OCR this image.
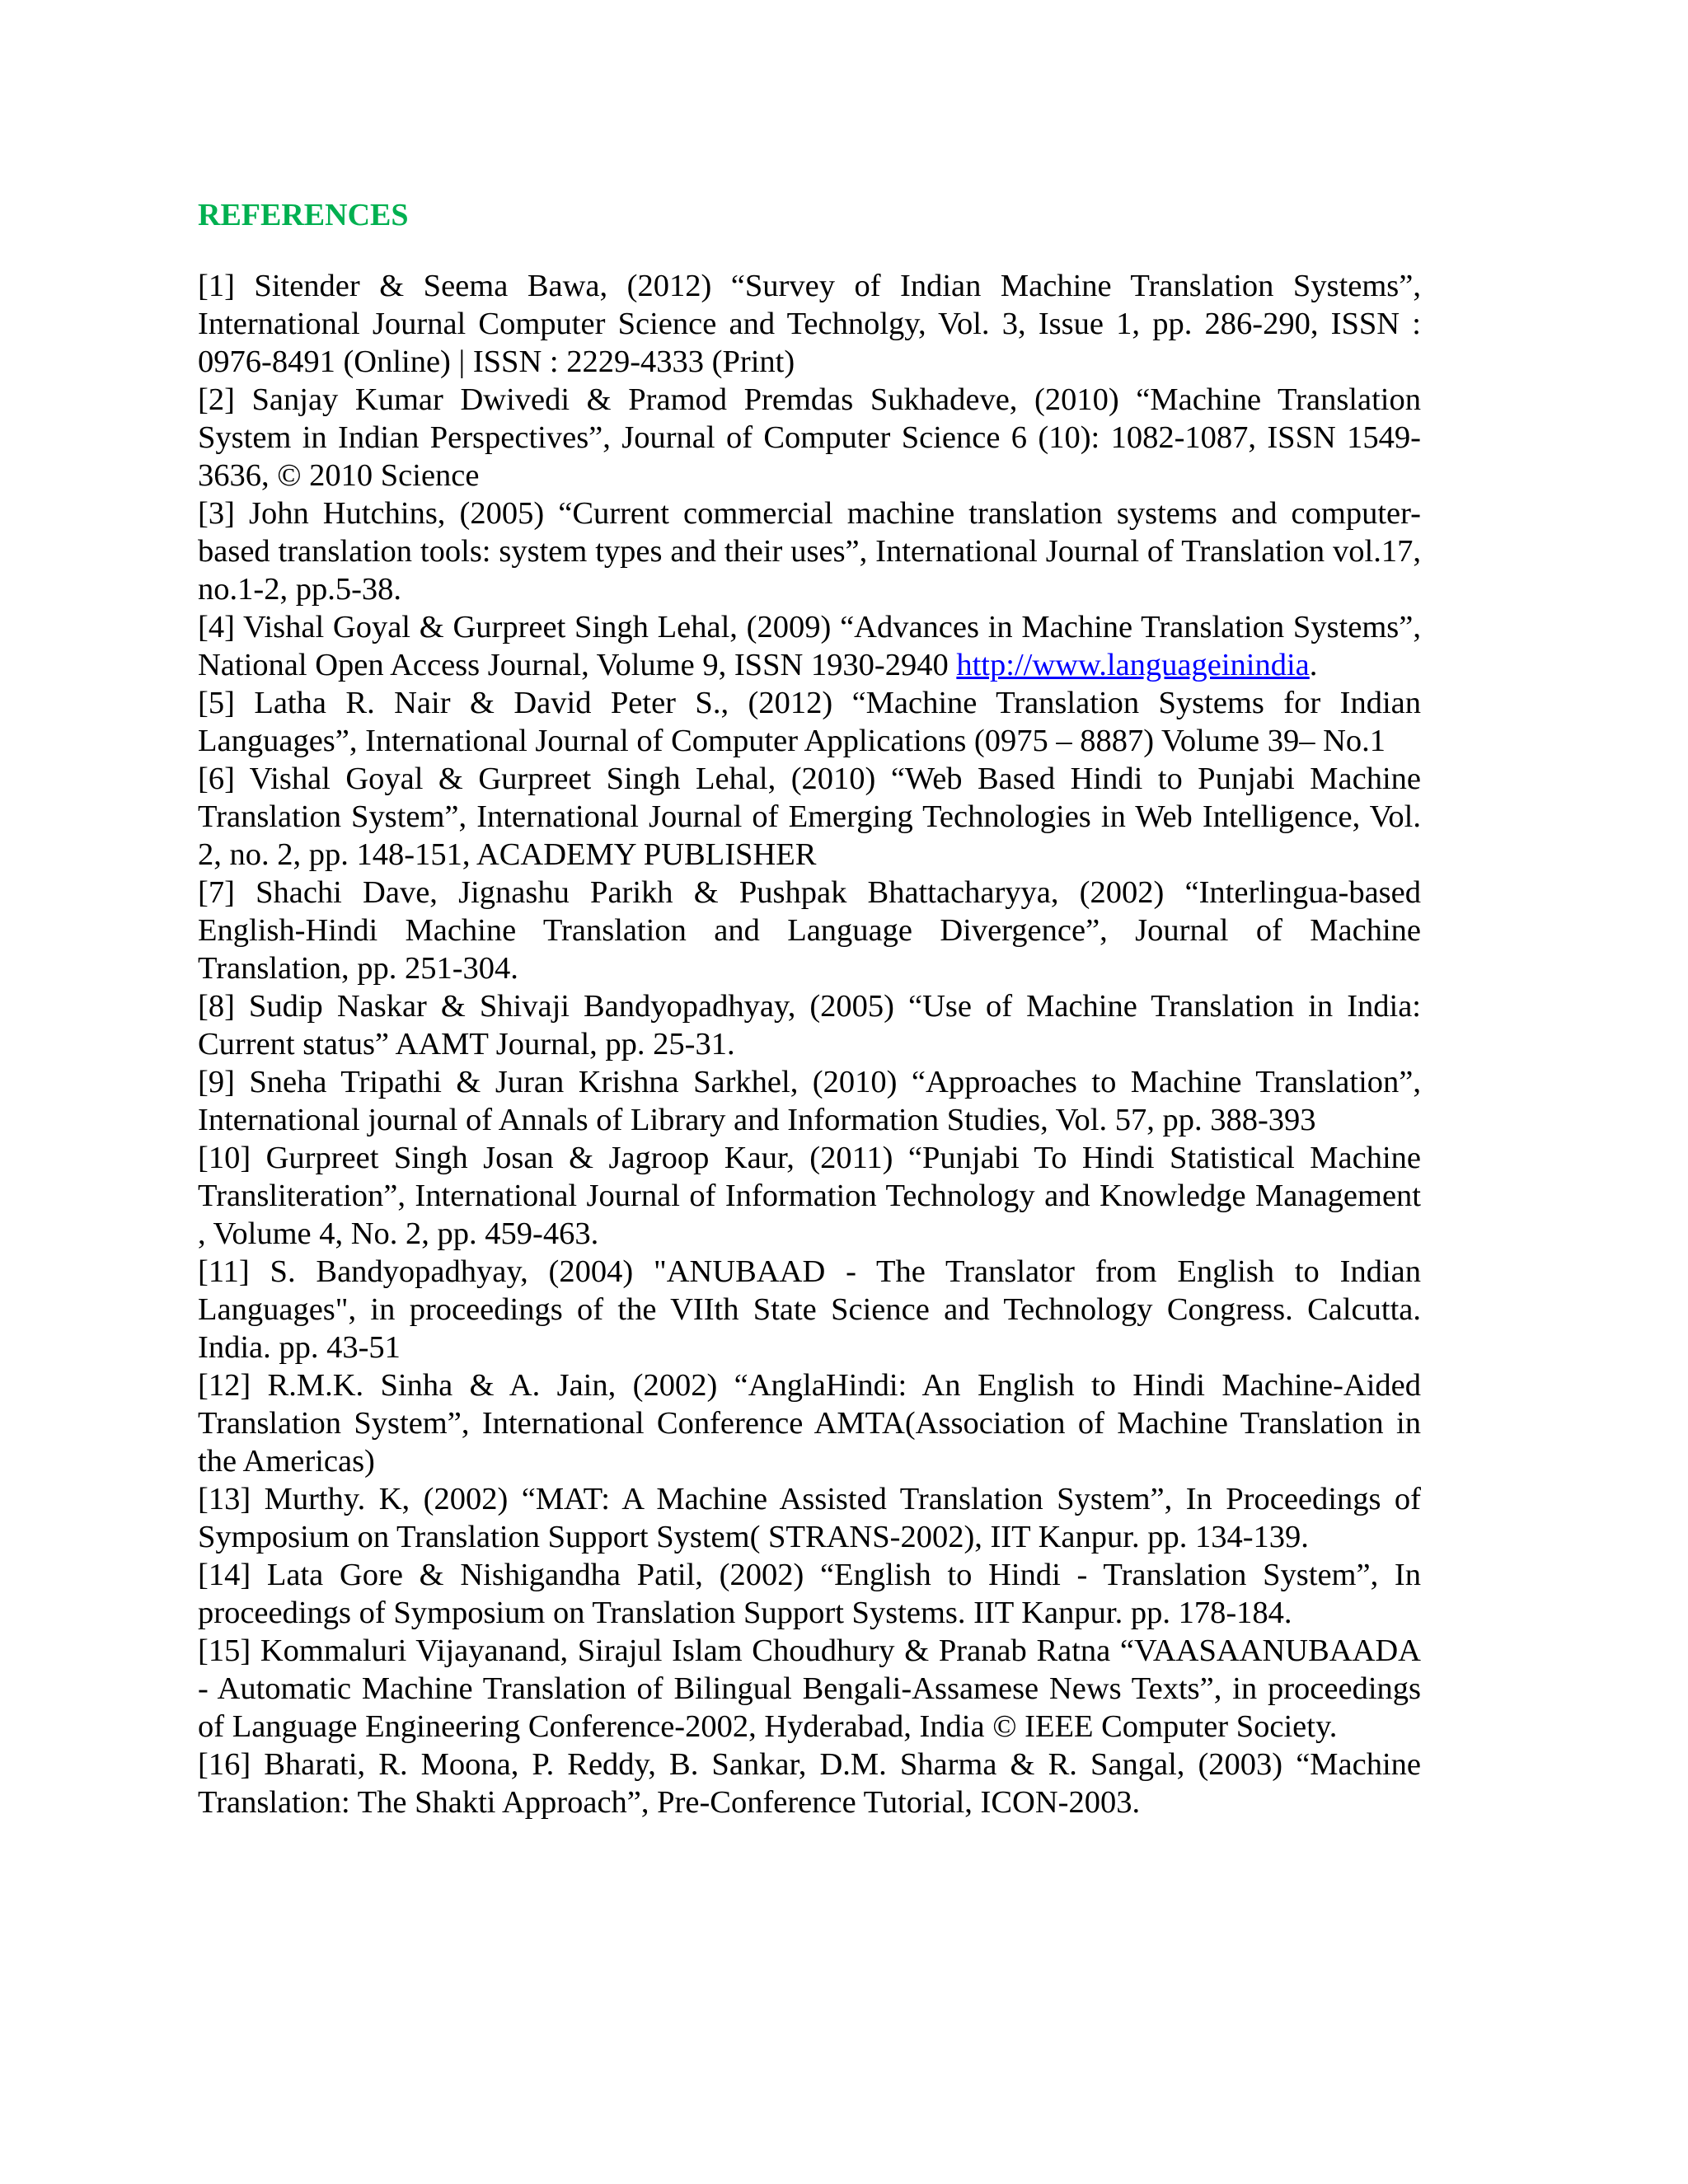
REFERENCES

[1] Sitender & Seema Bawa, (2012) “Survey of Indian Machine Translation Systems”, International Journal Computer Science and Technolgy, Vol. 3, Issue 1, pp. 286-290, ISSN : 0976-8491 (Online) | ISSN : 2229-4333 (Print)

[2] Sanjay Kumar Dwivedi & Pramod Premdas Sukhadeve, (2010) “Machine Translation System in Indian Perspectives”, Journal of Computer Science 6 (10): 1082-1087, ISSN 1549-3636, © 2010 Science

[3] John Hutchins, (2005) “Current commercial machine translation systems and computer-based translation tools: system types and their uses”, International Journal of Translation vol.17, no.1-2, pp.5-38.

[4] Vishal Goyal & Gurpreet Singh Lehal, (2009) “Advances in Machine Translation Systems”, National Open Access Journal, Volume 9, ISSN 1930-2940 http://www.languageinindia.

[5] Latha R. Nair & David Peter S., (2012) “Machine Translation Systems for Indian Languages”, International Journal of Computer Applications (0975 – 8887) Volume 39– No.1

[6] Vishal Goyal & Gurpreet Singh Lehal, (2010) “Web Based Hindi to Punjabi Machine Translation System”, International Journal of Emerging Technologies in Web Intelligence, Vol. 2, no. 2, pp. 148-151, ACADEMY PUBLISHER

[7] Shachi Dave, Jignashu Parikh & Pushpak Bhattacharyya, (2002) “Interlingua-based English-Hindi Machine Translation and Language Divergence”, Journal of Machine Translation, pp. 251-304.

[8] Sudip Naskar & Shivaji Bandyopadhyay, (2005) “Use of Machine Translation in India: Current status” AAMT Journal, pp. 25-31.

[9] Sneha Tripathi & Juran Krishna Sarkhel, (2010) “Approaches to Machine Translation”, International journal of Annals of Library and Information Studies, Vol. 57, pp. 388-393

[10] Gurpreet Singh Josan & Jagroop Kaur, (2011) “Punjabi To Hindi Statistical Machine Transliteration”, International Journal of Information Technology and Knowledge Management , Volume 4, No. 2, pp. 459-463.

[11] S. Bandyopadhyay, (2004) "ANUBAAD - The Translator from English to Indian Languages", in proceedings of the VIIth State Science and Technology Congress. Calcutta. India. pp. 43-51

[12] R.M.K. Sinha & A. Jain, (2002) “AnglaHindi: An English to Hindi Machine-Aided Translation System”, International Conference AMTA(Association of Machine Translation in the Americas)

[13] Murthy. K, (2002) “MAT: A Machine Assisted Translation System”, In Proceedings of Symposium on Translation Support System( STRANS-2002), IIT Kanpur. pp. 134-139.

[14] Lata Gore & Nishigandha Patil, (2002) “English to Hindi - Translation System”, In proceedings of Symposium on Translation Support Systems. IIT Kanpur. pp. 178-184.

[15] Kommaluri Vijayanand, Sirajul Islam Choudhury & Pranab Ratna “VAASAANUBAADA - Automatic Machine Translation of Bilingual Bengali-Assamese News Texts”, in proceedings of Language Engineering Conference-2002, Hyderabad, India © IEEE Computer Society.

[16] Bharati, R. Moona, P. Reddy, B. Sankar, D.M. Sharma & R. Sangal, (2003) “Machine Translation: The Shakti Approach”, Pre-Conference Tutorial, ICON-2003.
